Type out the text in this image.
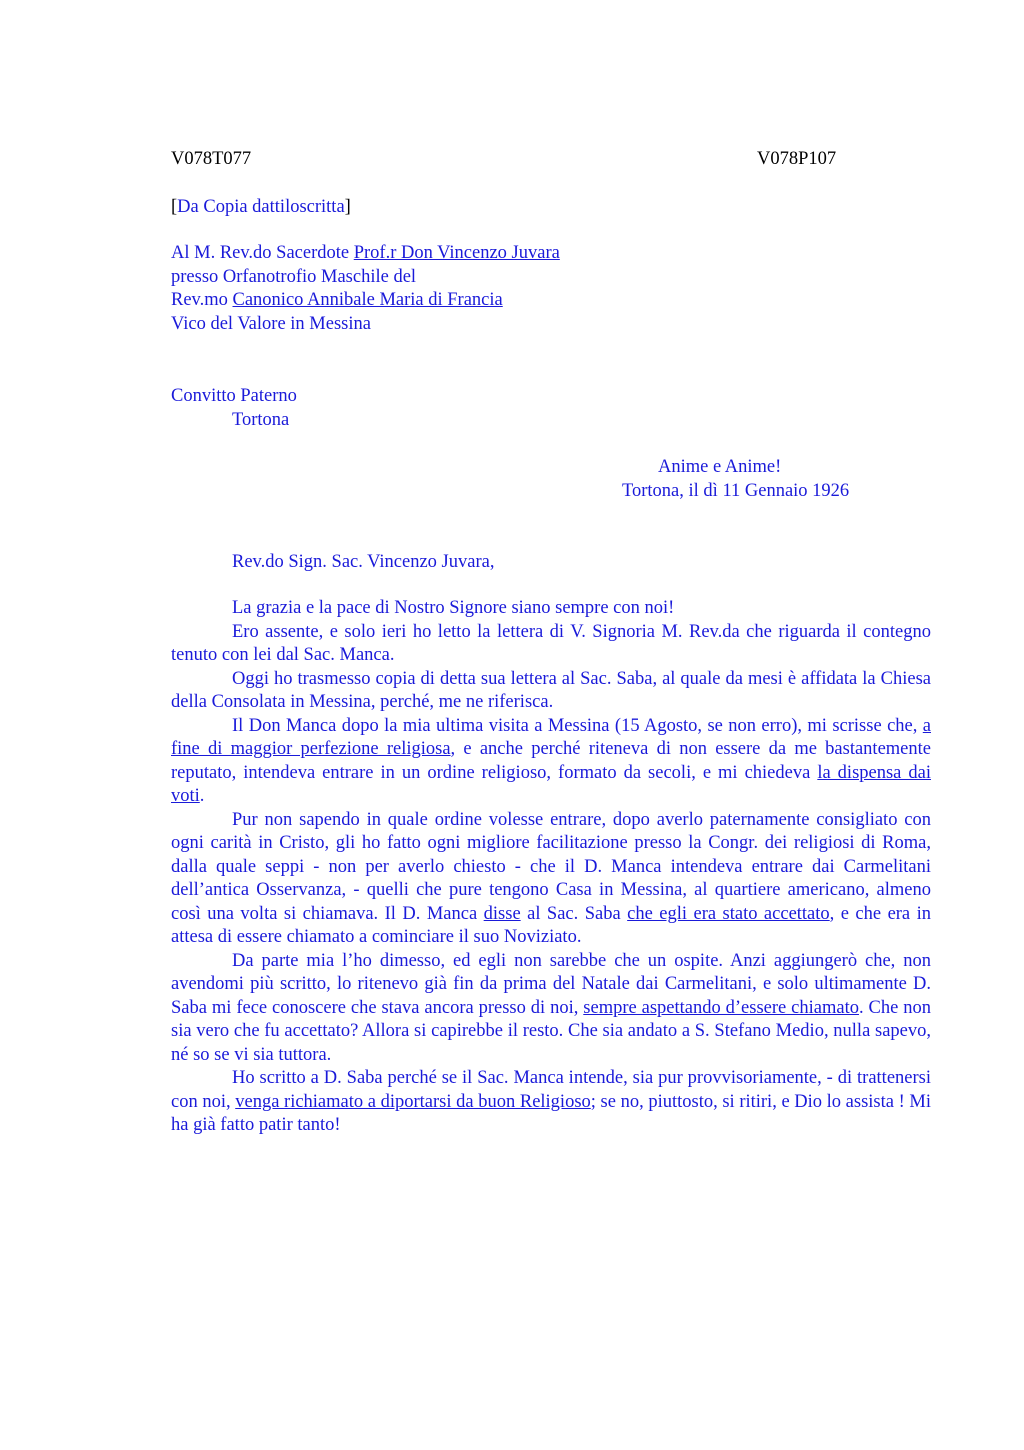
V078T077	V078P107
[Da Copia dattiloscritta]
Al M. Rev.do Sacerdote Prof.r Don Vincenzo Juvara
presso Orfanotrofio Maschile del
Rev.mo Canonico Annibale Maria di Francia
Vico del Valore in Messina
Convitto Paterno
Tortona
Anime e Anime!
Tortona, il dì 11 Gennaio 1926
Rev.do Sign. Sac. Vincenzo Juvara,

La grazia e la pace di Nostro Signore siano sempre con noi!

Ero assente, e solo ieri ho letto la lettera di V. Signoria M. Rev.da che riguarda il contegno tenuto con lei dal Sac. Manca.

Oggi ho trasmesso copia di detta sua lettera al Sac. Saba, al quale da mesi è affidata la Chiesa della Consolata in Messina, perché, me ne riferisca.

Il Don Manca dopo la mia ultima visita a Messina (15 Agosto, se non erro), mi scrisse che, a fine di maggior perfezione religiosa, e anche perché riteneva di non essere da me bastantemente reputato, intendeva entrare in un ordine religioso, formato da secoli, e mi chiedeva la dispensa dai voti.

Pur non sapendo in quale ordine volesse entrare, dopo averlo paternamente consigliato con ogni carità in Cristo, gli ho fatto ogni migliore facilitazione presso la Congr. dei religiosi di Roma, dalla quale seppi - non per averlo chiesto - che il D. Manca intendeva entrare dai Carmelitani dell’antica Osservanza, - quelli che pure tengono Casa in Messina, al quartiere americano, almeno così una volta si chiamava. Il D. Manca disse al Sac. Saba che egli era stato accettato, e che era in attesa di essere chiamato a cominciare il suo Noviziato.

Da parte mia l’ho dimesso, ed egli non sarebbe che un ospite. Anzi aggiungerò che, non avendomi più scritto, lo ritenevo già fin da prima del Natale dai Carmelitani, e solo ultimamente D. Saba mi fece conoscere che stava ancora presso di noi, sempre aspettando d’essere chiamato. Che non sia vero che fu accettato? Allora si capirebbe il resto. Che sia andato a S. Stefano Medio, nulla sapevo, né so se vi sia tuttora.

Ho scritto a D. Saba perché se il Sac. Manca intende, sia pur provvisoriamente, - di trattenersi con noi, venga richiamato a diportarsi da buon Religioso; se no, piuttosto, si ritiri, e Dio lo assista ! Mi ha già fatto patir tanto!
